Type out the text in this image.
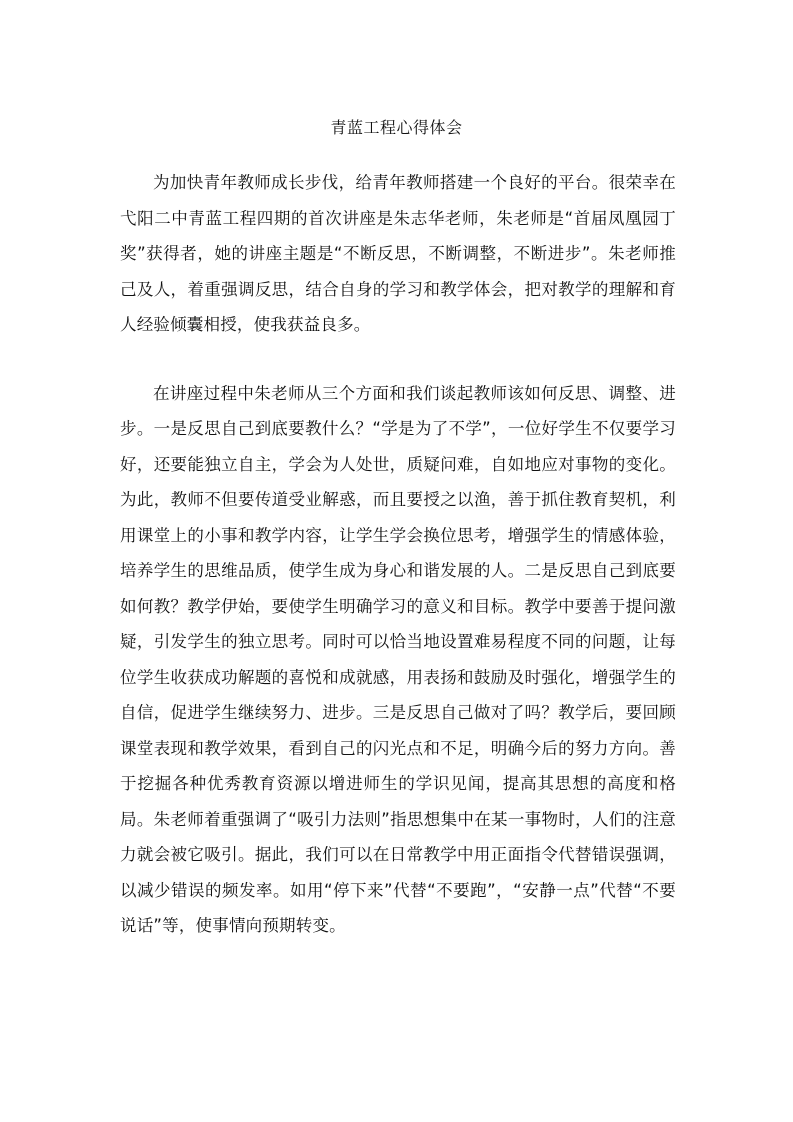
青蓝工程心得体会

为加快青年教师成长步伐，给青年教师搭建一个良好的平台。很荣幸在弋阳二中青蓝工程四期的首次讲座是朱志华老师，朱老师是“首届凤凰园丁奖”获得者，她的讲座主题是“不断反思，不断调整，不断进步”。朱老师推己及人，着重强调反思，结合自身的学习和教学体会，把对教学的理解和育人经验倾囊相授，使我获益良多。

在讲座过程中朱老师从三个方面和我们谈起教师该如何反思、调整、进步。一是反思自己到底要教什么？“学是为了不学”，一位好学生不仅要学习好，还要能独立自主，学会为人处世，质疑问难，自如地应对事物的变化。为此，教师不但要传道受业解惑，而且要授之以渔，善于抓住教育契机，利用课堂上的小事和教学内容，让学生学会换位思考，增强学生的情感体验，培养学生的思维品质，使学生成为身心和谐发展的人。二是反思自己到底要如何教？教学伊始，要使学生明确学习的意义和目标。教学中要善于提问激疑，引发学生的独立思考。同时可以恰当地设置难易程度不同的问题，让每位学生收获成功解题的喜悦和成就感，用表扬和鼓励及时强化，增强学生的自信，促进学生继续努力、进步。三是反思自己做对了吗？教学后，要回顾课堂表现和教学效果，看到自己的闪光点和不足，明确今后的努力方向。善于挖掘各种优秀教育资源以增进师生的学识见闻，提高其思想的高度和格局。朱老师着重强调了“吸引力法则”指思想集中在某一事物时，人们的注意力就会被它吸引。据此，我们可以在日常教学中用正面指令代替错误强调，以减少错误的频发率。如用“停下来”代替“不要跑”，“安静一点”代替“不要说话”等，使事情向预期转变。
